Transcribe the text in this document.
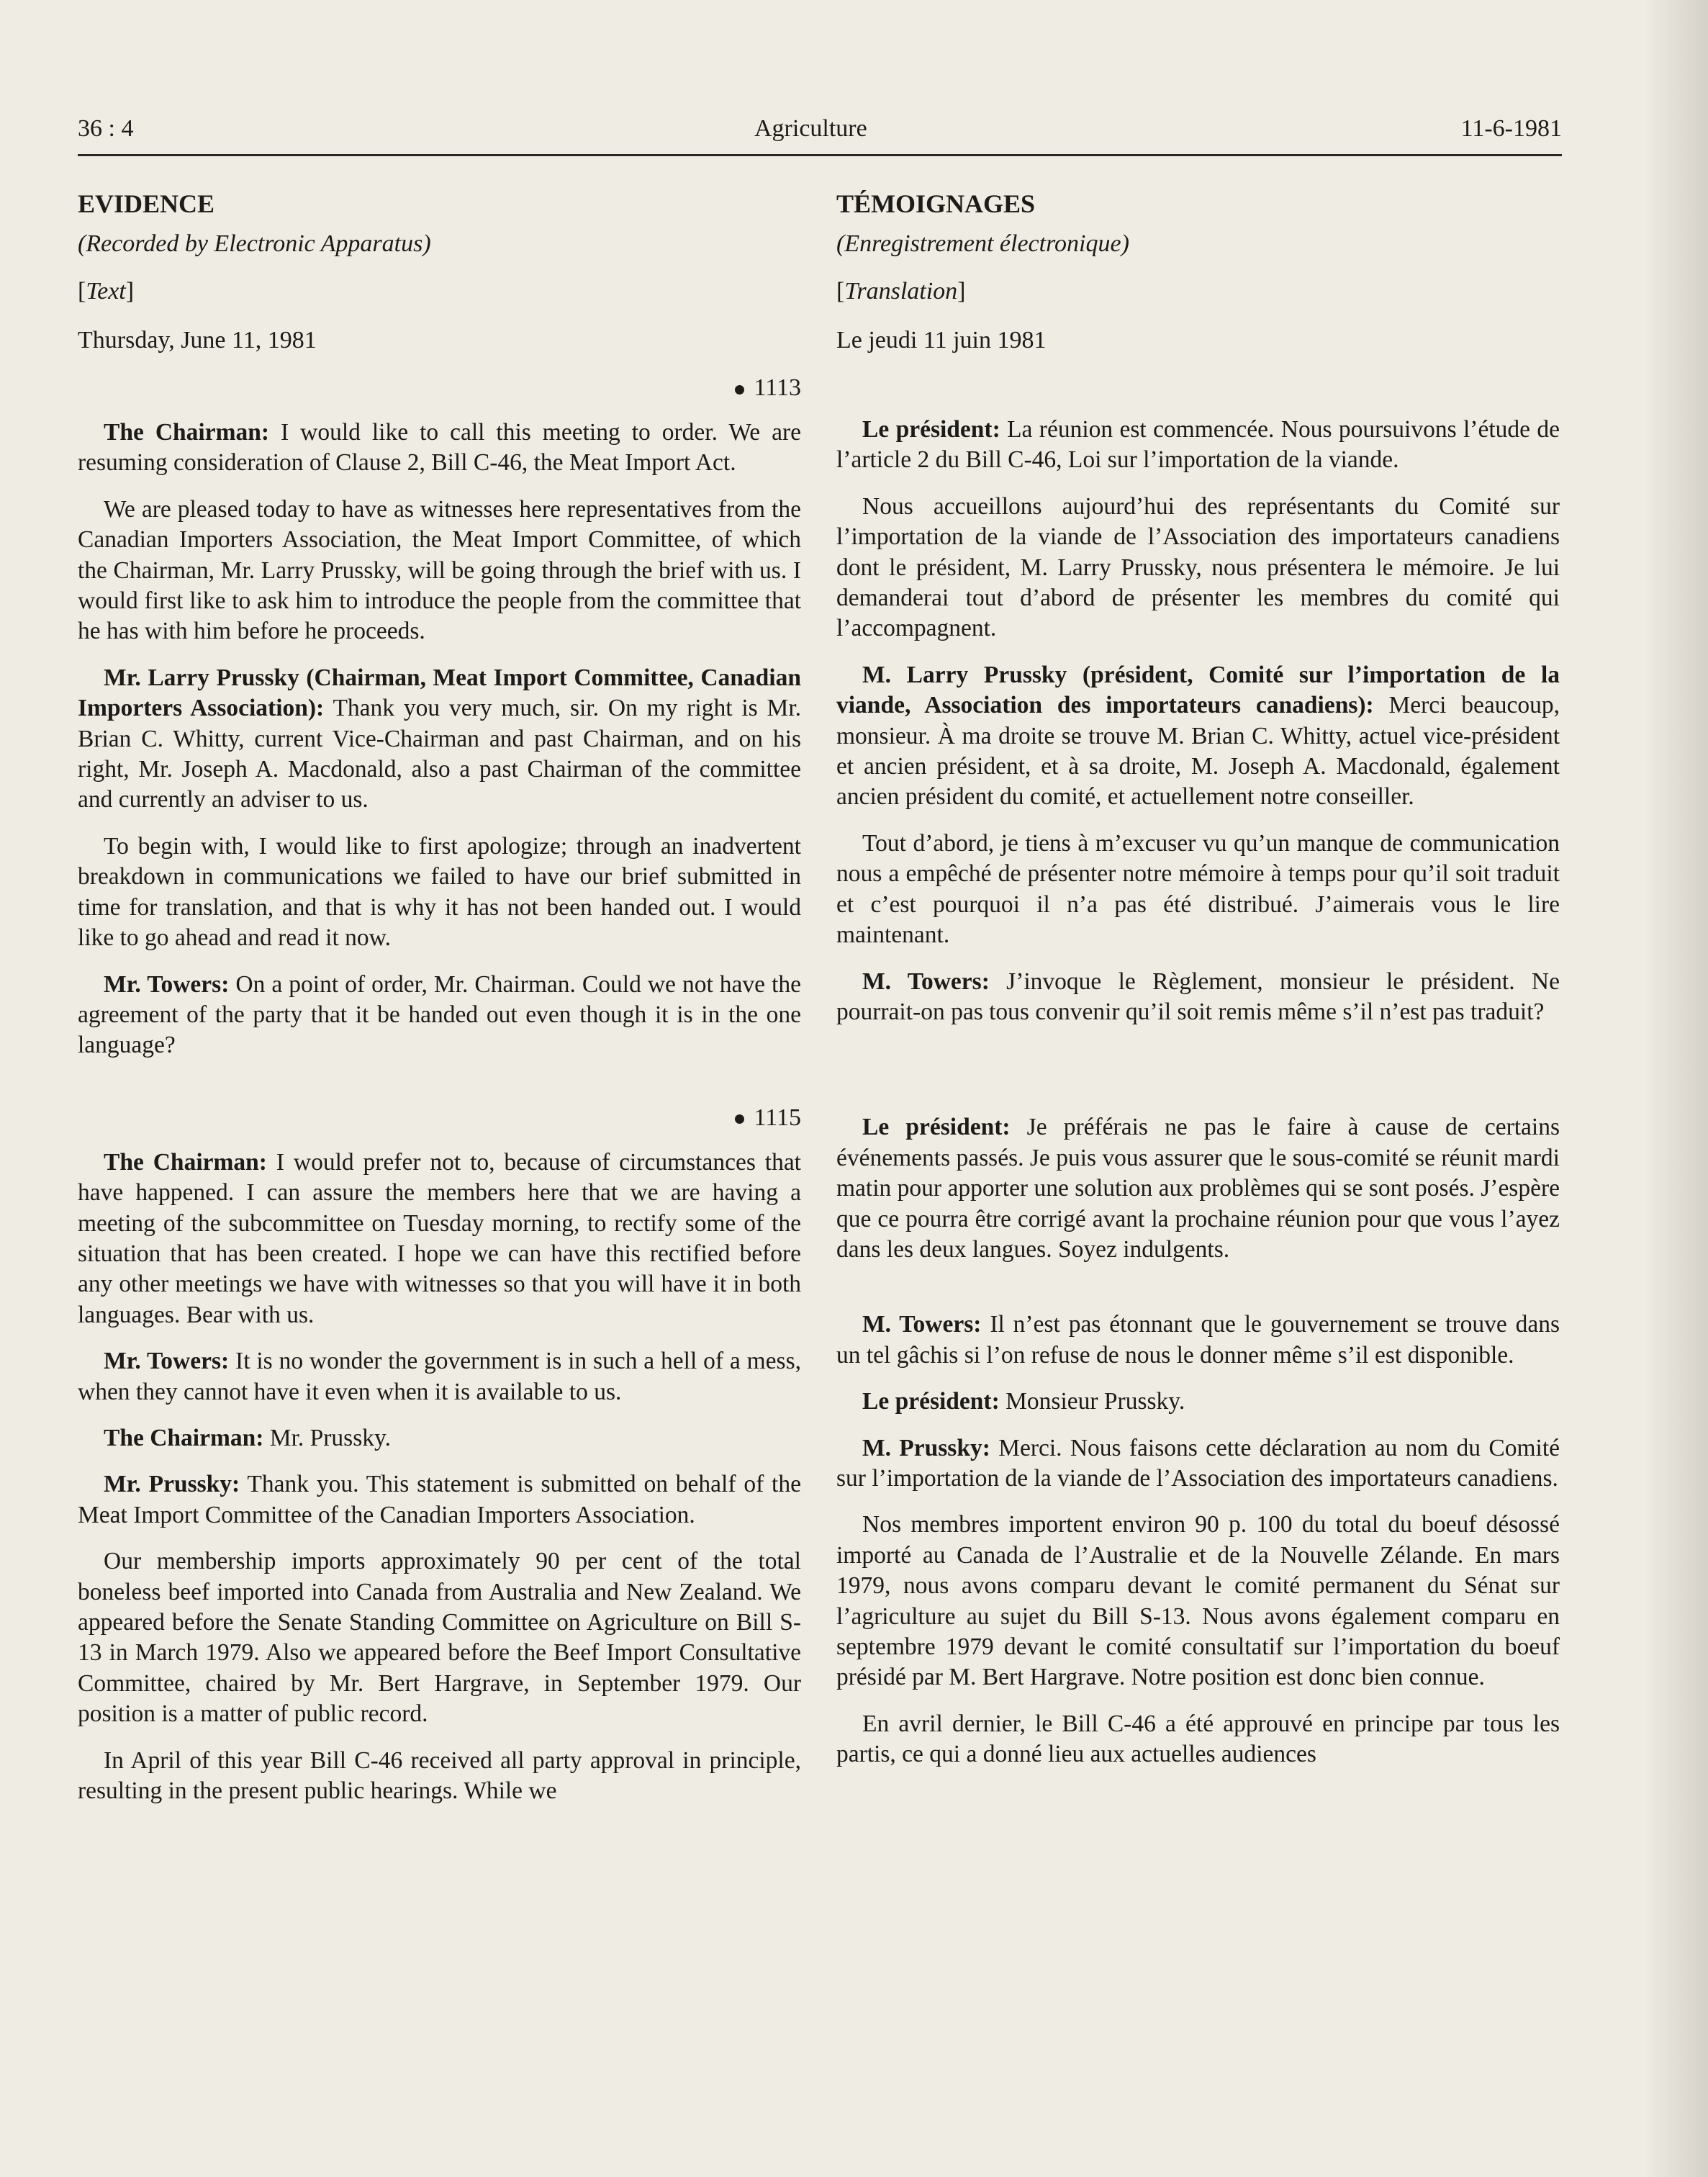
36 : 4	Agriculture	11-6-1981
EVIDENCE
(Recorded by Electronic Apparatus)
[Text]
Thursday, June 11, 1981
1113

The Chairman: I would like to call this meeting to order. We are resuming consideration of Clause 2, Bill C-46, the Meat Import Act.

We are pleased today to have as witnesses here representatives from the Canadian Importers Association, the Meat Import Committee, of which the Chairman, Mr. Larry Prussky, will be going through the brief with us. I would first like to ask him to introduce the people from the committee that he has with him before he proceeds.

Mr. Larry Prussky (Chairman, Meat Import Committee, Canadian Importers Association): Thank you very much, sir. On my right is Mr. Brian C. Whitty, current Vice-Chairman and past Chairman, and on his right, Mr. Joseph A. Macdonald, also a past Chairman of the committee and currently an adviser to us.

To begin with, I would like to first apologize; through an inadvertent breakdown in communications we failed to have our brief submitted in time for translation, and that is why it has not been handed out. I would like to go ahead and read it now.

Mr. Towers: On a point of order, Mr. Chairman. Could we not have the agreement of the party that it be handed out even though it is in the one language?

1115

The Chairman: I would prefer not to, because of circumstances that have happened. I can assure the members here that we are having a meeting of the subcommittee on Tuesday morning, to rectify some of the situation that has been created. I hope we can have this rectified before any other meetings we have with witnesses so that you will have it in both languages. Bear with us.

Mr. Towers: It is no wonder the government is in such a hell of a mess, when they cannot have it even when it is available to us.

The Chairman: Mr. Prussky.

Mr. Prussky: Thank you. This statement is submitted on behalf of the Meat Import Committee of the Canadian Importers Association.

Our membership imports approximately 90 per cent of the total boneless beef imported into Canada from Australia and New Zealand. We appeared before the Senate Standing Committee on Agriculture on Bill S-13 in March 1979. Also we appeared before the Beef Import Consultative Committee, chaired by Mr. Bert Hargrave, in September 1979. Our position is a matter of public record.

In April of this year Bill C-46 received all party approval in principle, resulting in the present public hearings. While we

TÉMOIGNAGES
(Enregistrement électronique)
[Translation]
Le jeudi 11 juin 1981

Le président: La réunion est commencée. Nous poursuivons l’étude de l’article 2 du Bill C-46, Loi sur l’importation de la viande.

Nous accueillons aujourd’hui des représentants du Comité sur l’importation de la viande de l’Association des importateurs canadiens dont le président, M. Larry Prussky, nous présentera le mémoire. Je lui demanderai tout d’abord de présenter les membres du comité qui l’accompagnent.

M. Larry Prussky (président, Comité sur l’importation de la viande, Association des importateurs canadiens): Merci beaucoup, monsieur. À ma droite se trouve M. Brian C. Whitty, actuel vice-président et ancien président, et à sa droite, M. Joseph A. Macdonald, également ancien président du comité, et actuellement notre conseiller.

Tout d’abord, je tiens à m’excuser vu qu’un manque de communication nous a empêché de présenter notre mémoire à temps pour qu’il soit traduit et c’est pourquoi il n’a pas été distribué. J’aimerais vous le lire maintenant.

M. Towers: J’invoque le Règlement, monsieur le président. Ne pourrait-on pas tous convenir qu’il soit remis même s’il n’est pas traduit?

Le président: Je préférais ne pas le faire à cause de certains événements passés. Je puis vous assurer que le sous-comité se réunit mardi matin pour apporter une solution aux problèmes qui se sont posés. J’espère que ce pourra être corrigé avant la prochaine réunion pour que vous l’ayez dans les deux langues. Soyez indulgents.

M. Towers: Il n’est pas étonnant que le gouvernement se trouve dans un tel gâchis si l’on refuse de nous le donner même s’il est disponible.

Le président: Monsieur Prussky.

M. Prussky: Merci. Nous faisons cette déclaration au nom du Comité sur l’importation de la viande de l’Association des importateurs canadiens.

Nos membres importent environ 90 p. 100 du total du boeuf désossé importé au Canada de l’Australie et de la Nouvelle Zélande. En mars 1979, nous avons comparu devant le comité permanent du Sénat sur l’agriculture au sujet du Bill S-13. Nous avons également comparu en septembre 1979 devant le comité consultatif sur l’importation du boeuf présidé par M. Bert Hargrave. Notre position est donc bien connue.

En avril dernier, le Bill C-46 a été approuvé en principe par tous les partis, ce qui a donné lieu aux actuelles audiences
